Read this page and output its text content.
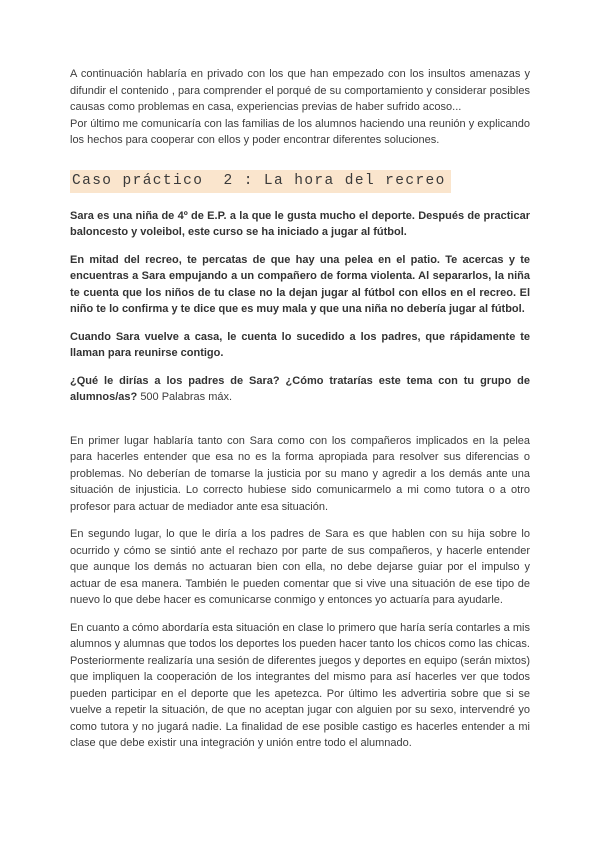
A continuación hablaría en privado con los que han empezado con los insultos amenazas y difundir el contenido , para comprender el porqué de su comportamiento y considerar posibles causas como problemas en casa, experiencias previas de haber sufrido acoso...

Por último me comunicaría con las familias de los alumnos haciendo una reunión y explicando los hechos para cooperar con ellos y poder encontrar diferentes soluciones.

Caso práctico  2 : La hora del recreo

Sara es una niña de 4º de E.P. a la que le gusta mucho el deporte. Después de practicar baloncesto y voleibol, este curso se ha iniciado a jugar al fútbol.

En mitad del recreo, te percatas de que hay una pelea en el patio. Te acercas y te encuentras a Sara empujando a un compañero de forma violenta. Al separarlos, la niña te cuenta que los niños de tu clase no la dejan jugar al fútbol con ellos en el recreo. El niño te lo confirma y te dice que es muy mala y que una niña no debería jugar al fútbol.

Cuando Sara vuelve a casa, le cuenta lo sucedido a los padres, que rápidamente te llaman para reunirse contigo.

¿Qué le dirías a los padres de Sara? ¿Cómo tratarías este tema con tu grupo de alumnos/as? 500 Palabras máx.

En primer lugar hablaría tanto con Sara como con los compañeros implicados en la pelea para hacerles entender que esa no es la forma apropiada para resolver sus diferencias o problemas. No deberían de tomarse la justicia por su mano y agredir a los demás ante una situación de injusticia. Lo correcto hubiese sido comunicarmelo a mi como tutora o a otro profesor para actuar de mediador ante esa situación.

En segundo lugar, lo que le diría a los padres de Sara es que hablen con su hija sobre lo ocurrido y cómo se sintió ante el rechazo por parte de sus compañeros, y hacerle entender que aunque los demás no actuaran bien con ella, no debe dejarse guiar por el impulso y actuar de esa manera. También le pueden comentar que si vive una situación de ese tipo de nuevo lo que debe hacer es comunicarse conmigo y entonces yo actuaría para ayudarle.

En cuanto a cómo abordaría esta situación en clase lo primero que haría sería contarles a mis alumnos y alumnas que todos los deportes los pueden hacer tanto los chicos como las chicas. Posteriormente realizaría una sesión de diferentes juegos y deportes en equipo (serán mixtos) que impliquen la cooperación de los integrantes del mismo para así hacerles ver que todos pueden participar en el deporte que les apetezca. Por último les advertiria sobre que si se vuelve a repetir la situación, de que no aceptan jugar con alguien por su sexo, intervendré yo como tutora y no jugará nadie. La finalidad de ese posible castigo es hacerles entender a mi clase que debe existir una integración y unión entre todo el alumnado.
